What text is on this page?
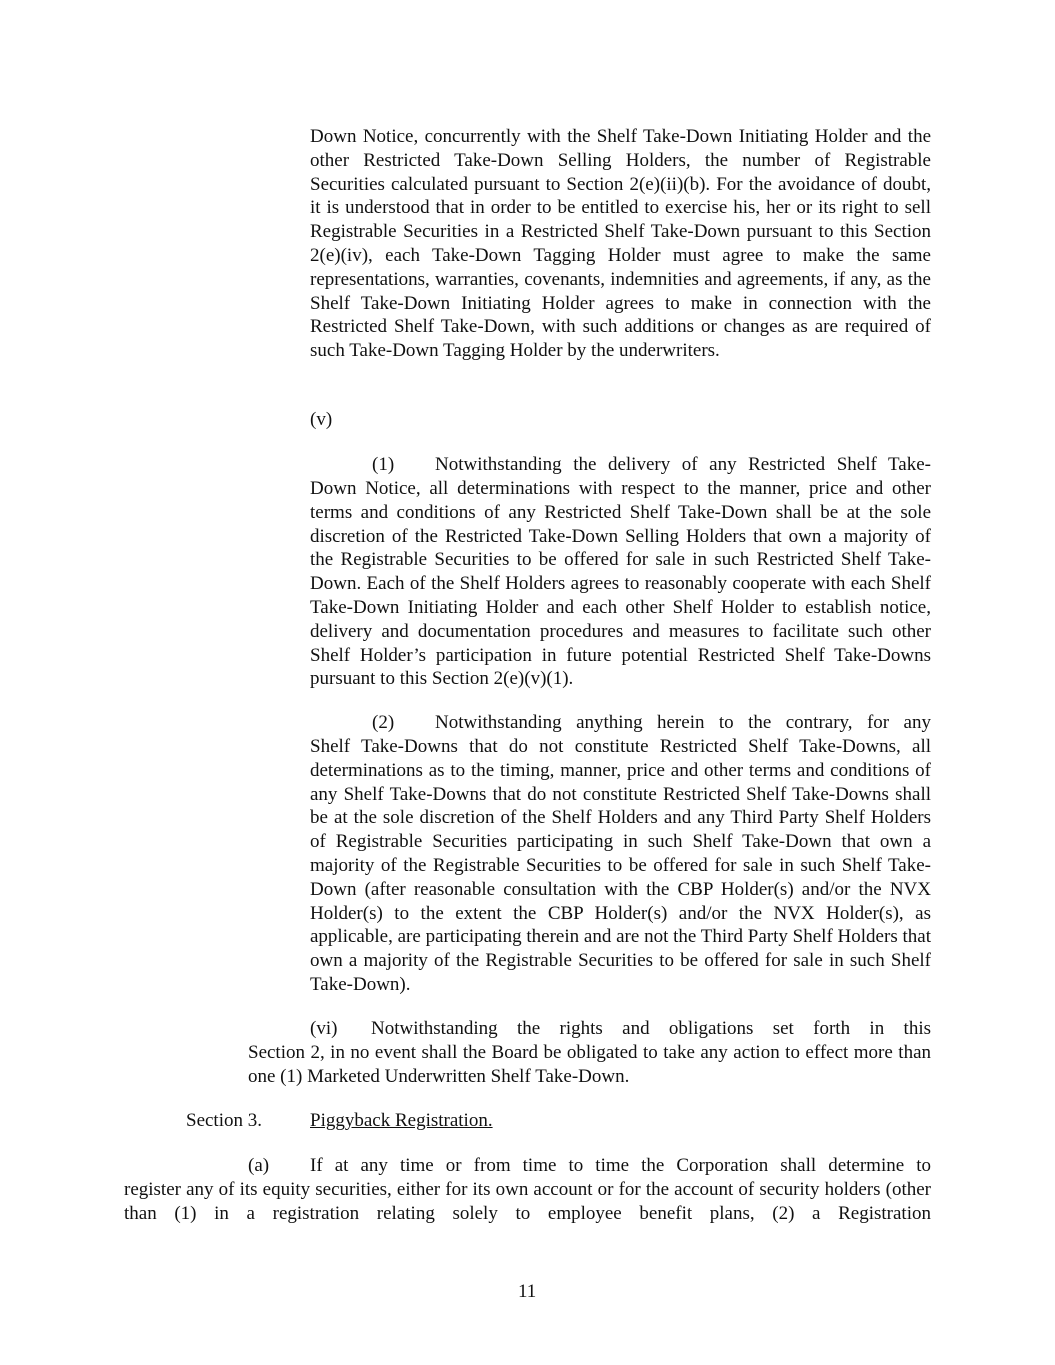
Down Notice, concurrently with the Shelf Take-Down Initiating Holder and the other Restricted Take-Down Selling Holders, the number of Registrable Securities calculated pursuant to Section 2(e)(ii)(b). For the avoidance of doubt, it is understood that in order to be entitled to exercise his, her or its right to sell Registrable Securities in a Restricted Shelf Take-Down pursuant to this Section 2(e)(iv), each Take-Down Tagging Holder must agree to make the same representations, warranties, covenants, indemnities and agreements, if any, as the Shelf Take-Down Initiating Holder agrees to make in connection with the Restricted Shelf Take-Down, with such additions or changes as are required of such Take-Down Tagging Holder by the underwriters.

(v)

(1) Notwithstanding the delivery of any Restricted Shelf Take-

Down Notice, all determinations with respect to the manner, price and other terms and conditions of any Restricted Shelf Take-Down shall be at the sole discretion of the Restricted Take-Down Selling Holders that own a majority of the Registrable Securities to be offered for sale in such Restricted Shelf Take-Down. Each of the Shelf Holders agrees to reasonably cooperate with each Shelf Take-Down Initiating Holder and each other Shelf Holder to establish notice, delivery and documentation procedures and measures to facilitate such other Shelf Holder’s participation in future potential Restricted Shelf Take-Downs pursuant to this Section 2(e)(v)(1).

(2) Notwithstanding anything herein to the contrary, for any

Shelf Take-Downs that do not constitute Restricted Shelf Take-Downs, all determinations as to the timing, manner, price and other terms and conditions of any Shelf Take-Downs that do not constitute Restricted Shelf Take-Downs shall be at the sole discretion of the Shelf Holders and any Third Party Shelf Holders of Registrable Securities participating in such Shelf Take-Down that own a majority of the Registrable Securities to be offered for sale in such Shelf Take-Down (after reasonable consultation with the CBP Holder(s) and/or the NVX Holder(s) to the extent the CBP Holder(s) and/or the NVX Holder(s), as applicable, are participating therein and are not the Third Party Shelf Holders that own a majority of the Registrable Securities to be offered for sale in such Shelf Take-Down).

(vi) Notwithstanding the rights and obligations set forth in this

Section 2, in no event shall the Board be obligated to take any action to effect more than one (1) Marketed Underwritten Shelf Take-Down.

Section 3.	Piggyback Registration.

(a) If at any time or from time to time the Corporation shall determine to

register any of its equity securities, either for its own account or for the account of security holders (other than (1) in a registration relating solely to employee benefit plans, (2) a Registration

11
